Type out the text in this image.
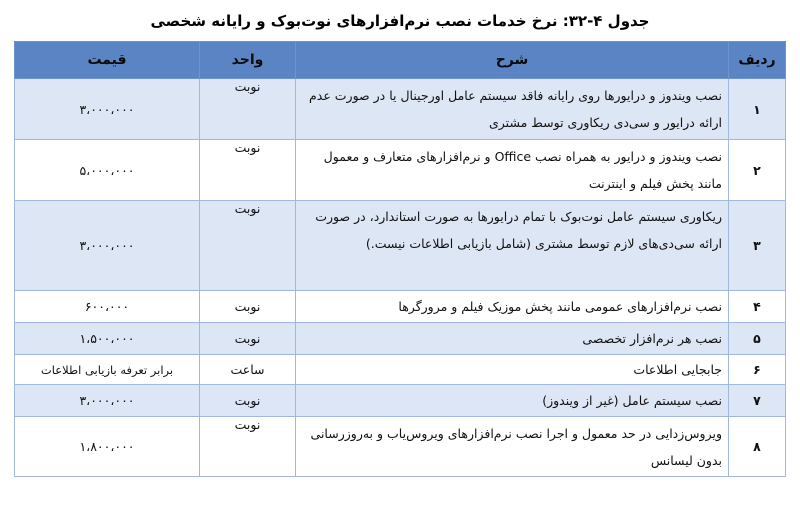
جدول ۴-۳۲: نرخ خدمات نصب نرم‌افزارهای نوت‌بوک و رایانه شخصی
ردیف	شرح	واحد	قیمت
۱	نصب ویندوز و درایورها روی رایانه فاقد سیستم عامل اورجینال یا در صورت عدم ارائه درایور و سی‌دی ریکاوری توسط مشتری	نوبت	۳،۰۰۰،۰۰۰
۲	نصب ویندوز و درایور به همراه نصب Office و نرم‌افزارهای متعارف و معمول مانند پخش فیلم و اینترنت	نوبت	۵،۰۰۰،۰۰۰
۳	ریکاوری سیستم عامل نوت‌بوک با تمام درایورها به صورت استاندارد، در صورت ارائه سی‌دی‌های لازم توسط مشتری (شامل بازیابی اطلاعات نیست.)	نوبت	۳،۰۰۰،۰۰۰
۴	نصب نرم‌افزارهای عمومی مانند پخش موزیک فیلم و مرورگرها	نوبت	۶۰۰،۰۰۰
۵	نصب هر نرم‌افزار تخصصی	نوبت	۱،۵۰۰،۰۰۰
۶	جابجایی اطلاعات	ساعت	برابر تعرفه بازیابی اطلاعات
۷	نصب سیستم عامل (غیر از ویندوز)	نوبت	۳،۰۰۰،۰۰۰
۸	ویروس‌زدایی در حد معمول و اجرا نصب نرم‌افزارهای ویروس‌یاب و به‌روزرسانی بدون لیسانس	نوبت	۱،۸۰۰،۰۰۰
